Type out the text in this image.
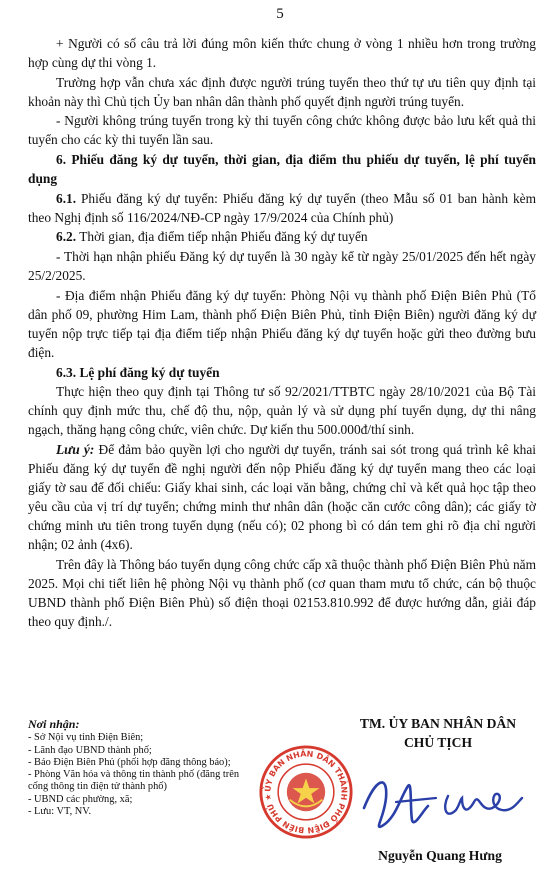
5

+ Người có số câu trả lời đúng môn kiến thức chung ở vòng 1 nhiều hơn trong trường hợp cùng dự thi vòng 1.

Trường hợp vẫn chưa xác định được người trúng tuyển theo thứ tự ưu tiên quy định tại khoản này thì Chủ tịch Ủy ban nhân dân thành phố quyết định người trúng tuyển.

- Người không trúng tuyển trong kỳ thi tuyển công chức không được bảo lưu kết quả thi tuyển cho các kỳ thi tuyển lần sau.

6. Phiếu đăng ký dự tuyển, thời gian, địa điểm thu phiếu dự tuyển, lệ phí tuyển dụng

6.1. Phiếu đăng ký dự tuyển: Phiếu đăng ký dự tuyển (theo Mẫu số 01 ban hành kèm theo Nghị định số 116/2024/NĐ-CP ngày 17/9/2024 của Chính phủ)

6.2. Thời gian, địa điểm tiếp nhận Phiếu đăng ký dự tuyển

- Thời hạn nhận phiếu Đăng ký dự tuyển là 30 ngày kể từ ngày 25/01/2025 đến hết ngày 25/2/2025.

- Địa điểm nhận Phiếu đăng ký dự tuyển: Phòng Nội vụ thành phố Điện Biên Phủ (Tổ dân phố 09, phường Him Lam, thành phố Điện Biên Phủ, tỉnh Điện Biên) người đăng ký dự tuyển nộp trực tiếp tại địa điểm tiếp nhận Phiếu đăng ký dự tuyển hoặc gửi theo đường bưu điện.

6.3. Lệ phí đăng ký dự tuyển

Thực hiện theo quy định tại Thông tư số 92/2021/TTBTC ngày 28/10/2021 của Bộ Tài chính quy định mức thu, chế độ thu, nộp, quản lý và sử dụng phí tuyển dụng, dự thi nâng ngạch, thăng hạng công chức, viên chức. Dự kiến thu 500.000đ/thí sinh.

Lưu ý: Để đảm bảo quyền lợi cho người dự tuyển, tránh sai sót trong quá trình kê khai Phiếu đăng ký dự tuyển đề nghị người đến nộp Phiếu đăng ký dự tuyển mang theo các loại giấy tờ sau để đối chiếu: Giấy khai sinh, các loại văn bằng, chứng chỉ và kết quả học tập theo yêu cầu của vị trí dự tuyển; chứng minh thư nhân dân (hoặc căn cước công dân); các giấy tờ chứng minh ưu tiên trong tuyển dụng (nếu có); 02 phong bì có dán tem ghi rõ địa chỉ người nhận; 02 ảnh (4x6).

Trên đây là Thông báo tuyển dụng công chức cấp xã thuộc thành phố Điện Biên Phủ năm 2025. Mọi chi tiết liên hệ phòng Nội vụ thành phố (cơ quan tham mưu tổ chức, cán bộ thuộc UBND thành phố Điện Biên Phủ) số điện thoại 02153.810.992 để được hướng dẫn, giải đáp theo quy định./.

Nơi nhận:
- Sở Nội vụ tỉnh Điện Biên;
- Lãnh đạo UBND thành phố;
- Báo Điện Biên Phủ (phối hợp đăng thông báo);
- Phòng Văn hóa và thông tin thành phố (đăng trên
cổng thông tin điện tử thành phố)
- UBND các phường, xã;
- Lưu: VT, NV.
TM. ỦY BAN NHÂN DÂN
CHỦ TỊCH
ỦY BAN NHÂN DÂN THÀNH PHỐ ĐIỆN BIÊN PHỦ ★
Nguyễn Quang Hưng
